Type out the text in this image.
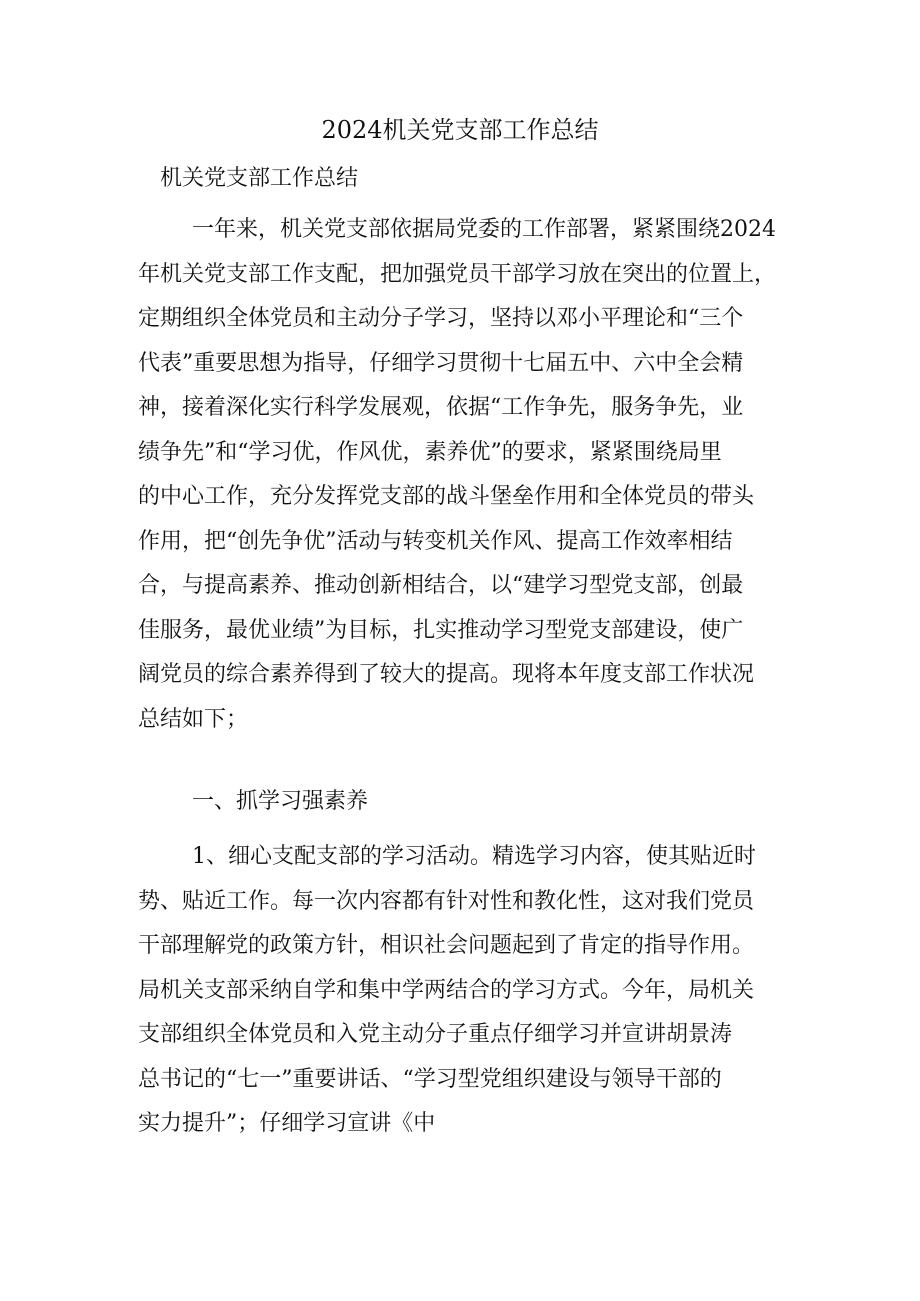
2024机关党支部工作总结
机关党支部工作总结
一年来，机关党支部依据局党委的工作部署，紧紧围绕2024
年机关党支部工作支配，把加强党员干部学习放在突出的位置上，
定期组织全体党员和主动分子学习，坚持以邓小平理论和“三个
代表”重要思想为指导，仔细学习贯彻十七届五中、六中全会精
神，接着深化实行科学发展观，依据“工作争先，服务争先，业
绩争先”和“学习优，作风优，素养优”的要求，紧紧围绕局里
的中心工作，充分发挥党支部的战斗堡垒作用和全体党员的带头
作用，把“创先争优”活动与转变机关作风、提高工作效率相结
合，与提高素养、推动创新相结合，以“建学习型党支部，创最
佳服务，最优业绩”为目标，扎实推动学习型党支部建设，使广
阔党员的综合素养得到了较大的提高。现将本年度支部工作状况
总结如下；
一、抓学习强素养
1、细心支配支部的学习活动。精选学习内容，使其贴近时
势、贴近工作。每一次内容都有针对性和教化性，这对我们党员
干部理解党的政策方针，相识社会问题起到了肯定的指导作用。
局机关支部采纳自学和集中学两结合的学习方式。今年，局机关
支部组织全体党员和入党主动分子重点仔细学习并宣讲胡景涛
总书记的“七一”重要讲话、“学习型党组织建设与领导干部的
实力提升”；仔细学习宣讲《中
